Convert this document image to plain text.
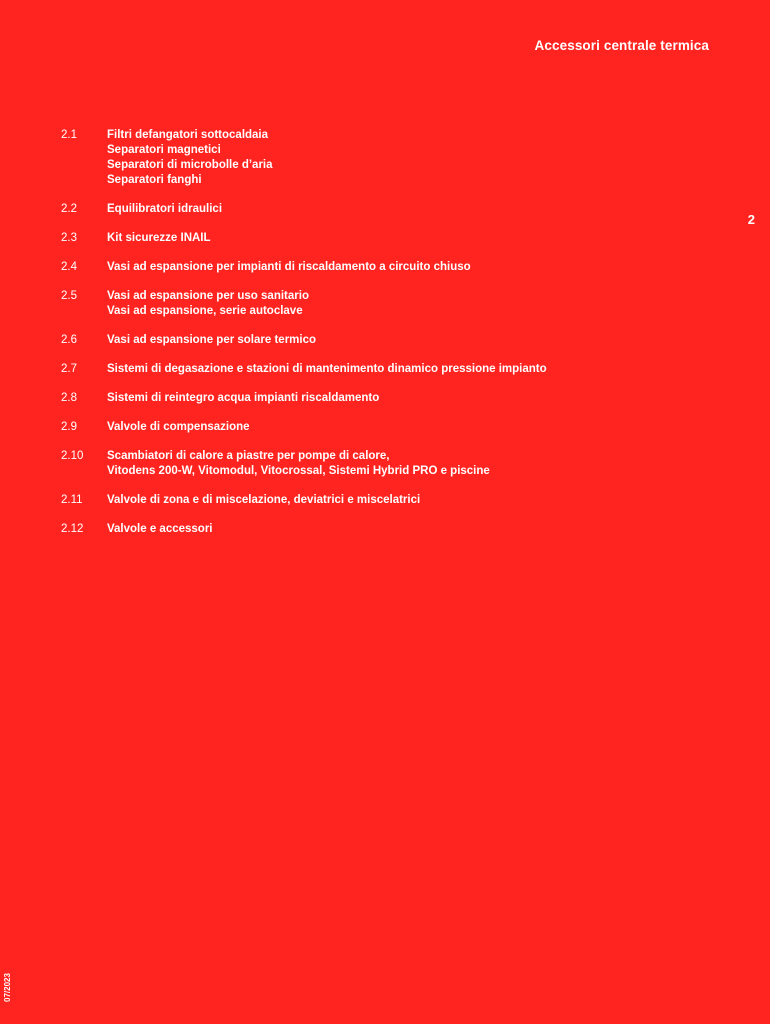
Accessori centrale termica
2
2.1	Filtri defangatori sottocaldaia
Separatori magnetici
Separatori di microbolle d’aria
Separatori fanghi
2.2	Equilibratori idraulici
2.3	Kit sicurezze INAIL
2.4	Vasi ad espansione per impianti di riscaldamento a circuito chiuso
2.5	Vasi ad espansione per uso sanitario
Vasi ad espansione, serie autoclave
2.6	Vasi ad espansione per solare termico
2.7	Sistemi di degasazione e stazioni di mantenimento dinamico pressione impianto
2.8	Sistemi di reintegro acqua impianti riscaldamento
2.9	Valvole di compensazione
2.10	Scambiatori di calore a piastre per pompe di calore,
Vitodens 200-W, Vitomodul, Vitocrossal, Sistemi Hybrid PRO e piscine
2.11	Valvole di zona e di miscelazione, deviatrici e miscelatrici
2.12	Valvole e accessori
07/2023
